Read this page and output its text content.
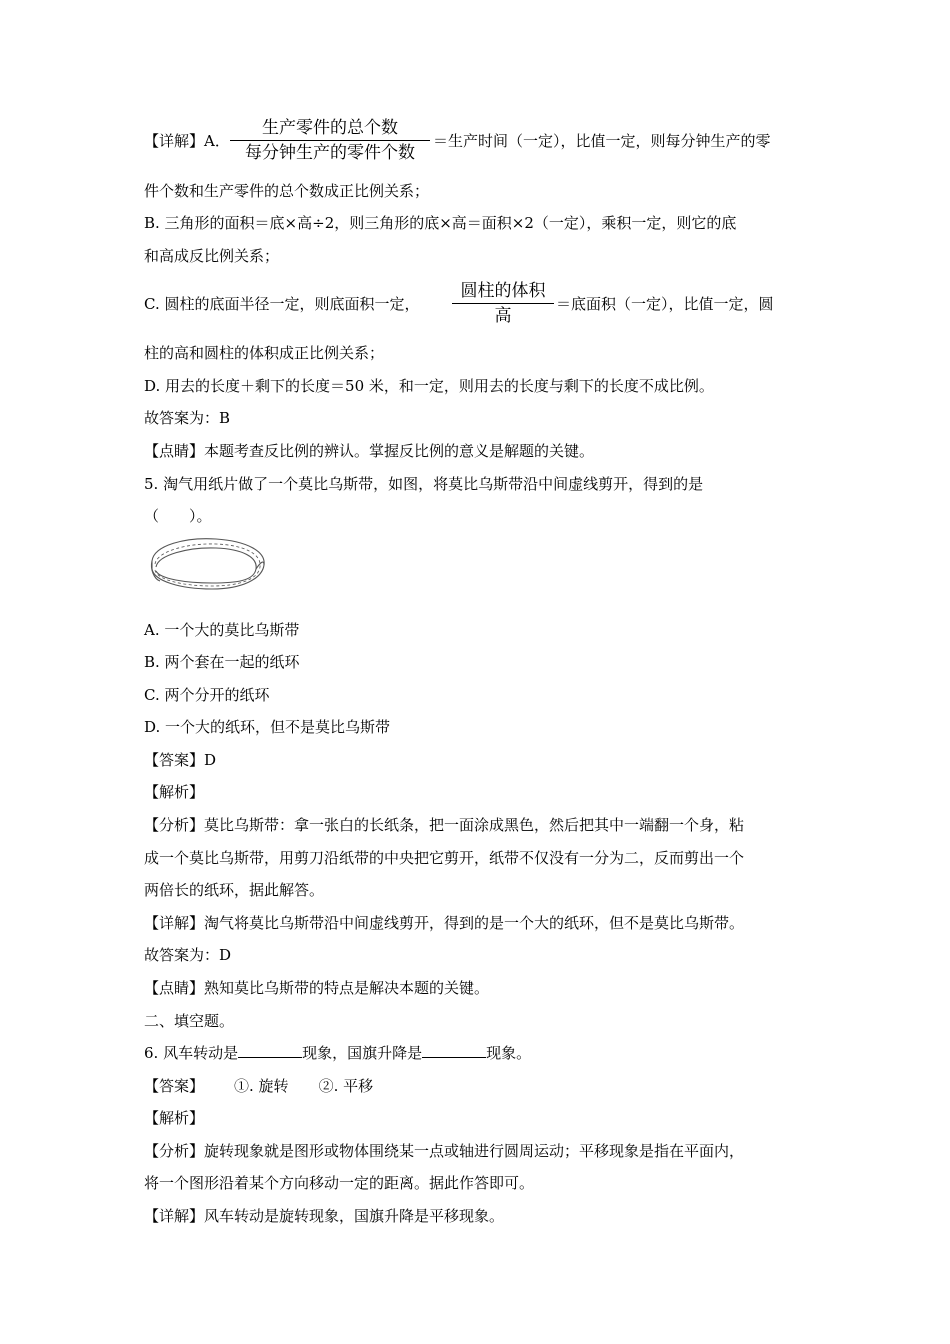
【详解】A．
生产零件的总个数
每分钟生产的零件个数
＝生产时间（一定），比值一定，则每分钟生产的零
件个数和生产零件的总个数成正比例关系；
B. 三角形的面积＝底×高÷2，则三角形的底×高＝面积×2（一定），乘积一定，则它的底
和高成反比例关系；
C. 圆柱的底面半径一定，则底面积一定，
圆柱的体积
高
＝底面积（一定），比值一定，圆
柱的高和圆柱的体积成正比例关系；
D. 用去的长度＋剩下的长度＝50 米，和一定，则用去的长度与剩下的长度不成比例。
故答案为：B
【点睛】本题考查反比例的辨认。掌握反比例的意义是解题的关键。
5. 淘气用纸片做了一个莫比乌斯带，如图，将莫比乌斯带沿中间虚线剪开，得到的是
（　　）。
A. 一个大的莫比乌斯带
B. 两个套在一起的纸环
C. 两个分开的纸环
D. 一个大的纸环，但不是莫比乌斯带
【答案】D
【解析】
【分析】莫比乌斯带：拿一张白的长纸条，把一面涂成黑色，然后把其中一端翻一个身，粘
成一个莫比乌斯带，用剪刀沿纸带的中央把它剪开，纸带不仅没有一分为二，反而剪出一个
两倍长的纸环，据此解答。
【详解】淘气将莫比乌斯带沿中间虚线剪开，得到的是一个大的纸环，但不是莫比乌斯带。
故答案为：D
【点睛】熟知莫比乌斯带的特点是解决本题的关键。
二、填空题。
6. 风车转动是	现象，国旗升降是	现象。
【答案】 ①. 旋转 ②. 平移
【解析】
【分析】旋转现象就是图形或物体围绕某一点或轴进行圆周运动；平移现象是指在平面内，
将一个图形沿着某个方向移动一定的距离。据此作答即可。
【详解】风车转动是旋转现象，国旗升降是平移现象。
